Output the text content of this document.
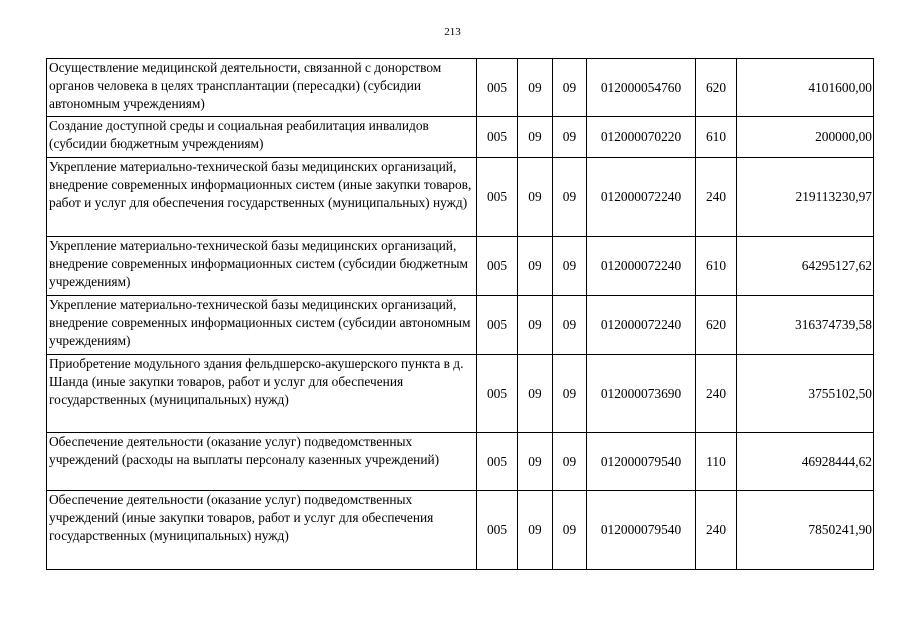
213
Осуществление медицинской деятельности, связанной с донорством органов человека в целях трансплантации (пересадки) (субсидии автономным учреждениям)	005	09	09	012000054760	620	4101600,00
Создание доступной среды и социальная реабилитация инвалидов (субсидии бюджетным учреждениям)	005	09	09	012000070220	610	200000,00
Укрепление материально-технической базы медицинских организаций, внедрение современных информационных систем (иные закупки товаров, работ и услуг для обеспечения государственных (муниципальных) нужд)	005	09	09	012000072240	240	219113230,97
Укрепление материально-технической базы медицинских организаций, внедрение современных информационных систем (субсидии бюджетным учреждениям)	005	09	09	012000072240	610	64295127,62
Укрепление материально-технической базы медицинских организаций, внедрение современных информационных систем (субсидии автономным учреждениям)	005	09	09	012000072240	620	316374739,58
Приобретение модульного здания фельдшерско-акушерского пункта в д. Шанда (иные закупки товаров, работ и услуг для обеспечения государственных (муниципальных) нужд)	005	09	09	012000073690	240	3755102,50
Обеспечение деятельности (оказание услуг) подведомственных учреждений (расходы на выплаты персоналу казенных учреждений)	005	09	09	012000079540	110	46928444,62
Обеспечение деятельности (оказание услуг) подведомственных учреждений (иные закупки товаров, работ и услуг для обеспечения государственных (муниципальных) нужд)	005	09	09	012000079540	240	7850241,90
